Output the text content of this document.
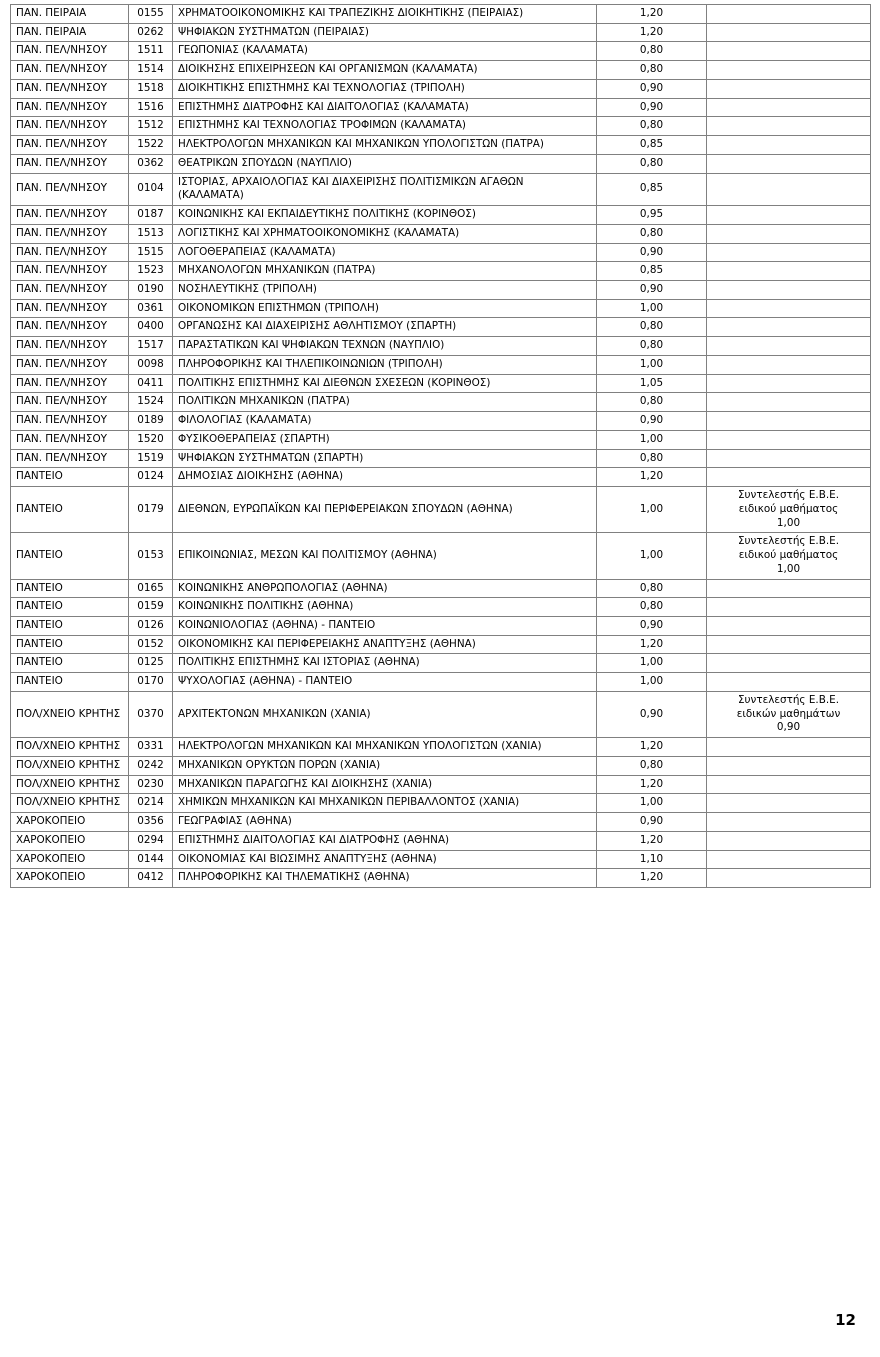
ΠΑΝ. ΠΕΙΡΑΙΑ	0155	ΧΡΗΜΑΤΟΟΙΚΟΝΟΜΙΚΗΣ ΚΑΙ ΤΡΑΠΕΖΙΚΗΣ ΔΙΟΙΚΗΤΙΚΗΣ (ΠΕΙΡΑΙΑΣ)	1,20	
ΠΑΝ. ΠΕΙΡΑΙΑ	0262	ΨΗΦΙΑΚΩΝ ΣΥΣΤΗΜΑΤΩΝ (ΠΕΙΡΑΙΑΣ)	1,20	
ΠΑΝ. ΠΕΛ/ΝΗΣΟΥ	1511	ΓΕΩΠΟΝΙΑΣ (ΚΑΛΑΜΑΤΑ)	0,80	
ΠΑΝ. ΠΕΛ/ΝΗΣΟΥ	1514	ΔΙΟΙΚΗΣΗΣ ΕΠΙΧΕΙΡΗΣΕΩΝ ΚΑΙ ΟΡΓΑΝΙΣΜΩΝ (ΚΑΛΑΜΑΤΑ)	0,80	
ΠΑΝ. ΠΕΛ/ΝΗΣΟΥ	1518	ΔΙΟΙΚΗΤΙΚΗΣ ΕΠΙΣΤΗΜΗΣ ΚΑΙ ΤΕΧΝΟΛΟΓΙΑΣ (ΤΡΙΠΟΛΗ)	0,90	
ΠΑΝ. ΠΕΛ/ΝΗΣΟΥ	1516	ΕΠΙΣΤΗΜΗΣ ΔΙΑΤΡΟΦΗΣ ΚΑΙ ΔΙΑΙΤΟΛΟΓΙΑΣ (ΚΑΛΑΜΑΤΑ)	0,90	
ΠΑΝ. ΠΕΛ/ΝΗΣΟΥ	1512	ΕΠΙΣΤΗΜΗΣ ΚΑΙ ΤΕΧΝΟΛΟΓΙΑΣ ΤΡΟΦΙΜΩΝ (ΚΑΛΑΜΑΤΑ)	0,80	
ΠΑΝ. ΠΕΛ/ΝΗΣΟΥ	1522	ΗΛΕΚΤΡΟΛΟΓΩΝ ΜΗΧΑΝΙΚΩΝ ΚΑΙ ΜΗΧΑΝΙΚΩΝ ΥΠΟΛΟΓΙΣΤΩΝ (ΠΑΤΡΑ)	0,85	
ΠΑΝ. ΠΕΛ/ΝΗΣΟΥ	0362	ΘΕΑΤΡΙΚΩΝ ΣΠΟΥΔΩΝ (ΝΑΥΠΛΙΟ)	0,80	
ΠΑΝ. ΠΕΛ/ΝΗΣΟΥ	0104	ΙΣΤΟΡΙΑΣ, ΑΡΧΑΙΟΛΟΓΙΑΣ ΚΑΙ ΔΙΑΧΕΙΡΙΣΗΣ ΠΟΛΙΤΙΣΜΙΚΩΝ ΑΓΑΘΩΝ (ΚΑΛΑΜΑΤΑ)	0,85	
ΠΑΝ. ΠΕΛ/ΝΗΣΟΥ	0187	ΚΟΙΝΩΝΙΚΗΣ ΚΑΙ ΕΚΠΑΙΔΕΥΤΙΚΗΣ ΠΟΛΙΤΙΚΗΣ (ΚΟΡΙΝΘΟΣ)	0,95	
ΠΑΝ. ΠΕΛ/ΝΗΣΟΥ	1513	ΛΟΓΙΣΤΙΚΗΣ ΚΑΙ ΧΡΗΜΑΤΟΟΙΚΟΝΟΜΙΚΗΣ (ΚΑΛΑΜΑΤΑ)	0,80	
ΠΑΝ. ΠΕΛ/ΝΗΣΟΥ	1515	ΛΟΓΟΘΕΡΑΠΕΙΑΣ (ΚΑΛΑΜΑΤΑ)	0,90	
ΠΑΝ. ΠΕΛ/ΝΗΣΟΥ	1523	ΜΗΧΑΝΟΛΟΓΩΝ ΜΗΧΑΝΙΚΩΝ (ΠΑΤΡΑ)	0,85	
ΠΑΝ. ΠΕΛ/ΝΗΣΟΥ	0190	ΝΟΣΗΛΕΥΤΙΚΗΣ (ΤΡΙΠΟΛΗ)	0,90	
ΠΑΝ. ΠΕΛ/ΝΗΣΟΥ	0361	ΟΙΚΟΝΟΜΙΚΩΝ ΕΠΙΣΤΗΜΩΝ (ΤΡΙΠΟΛΗ)	1,00	
ΠΑΝ. ΠΕΛ/ΝΗΣΟΥ	0400	ΟΡΓΑΝΩΣΗΣ ΚΑΙ ΔΙΑΧΕΙΡΙΣΗΣ ΑΘΛΗΤΙΣΜΟΥ (ΣΠΑΡΤΗ)	0,80	
ΠΑΝ. ΠΕΛ/ΝΗΣΟΥ	1517	ΠΑΡΑΣΤΑΤΙΚΩΝ ΚΑΙ ΨΗΦΙΑΚΩΝ ΤΕΧΝΩΝ (ΝΑΥΠΛΙΟ)	0,80	
ΠΑΝ. ΠΕΛ/ΝΗΣΟΥ	0098	ΠΛΗΡΟΦΟΡΙΚΗΣ ΚΑΙ ΤΗΛΕΠΙΚΟΙΝΩΝΙΩΝ (ΤΡΙΠΟΛΗ)	1,00	
ΠΑΝ. ΠΕΛ/ΝΗΣΟΥ	0411	ΠΟΛΙΤΙΚΗΣ ΕΠΙΣΤΗΜΗΣ ΚΑΙ ΔΙΕΘΝΩΝ ΣΧΕΣΕΩΝ (ΚΟΡΙΝΘΟΣ)	1,05	
ΠΑΝ. ΠΕΛ/ΝΗΣΟΥ	1524	ΠΟΛΙΤΙΚΩΝ ΜΗΧΑΝΙΚΩΝ (ΠΑΤΡΑ)	0,80	
ΠΑΝ. ΠΕΛ/ΝΗΣΟΥ	0189	ΦΙΛΟΛΟΓΙΑΣ (ΚΑΛΑΜΑΤΑ)	0,90	
ΠΑΝ. ΠΕΛ/ΝΗΣΟΥ	1520	ΦΥΣΙΚΟΘΕΡΑΠΕΙΑΣ (ΣΠΑΡΤΗ)	1,00	
ΠΑΝ. ΠΕΛ/ΝΗΣΟΥ	1519	ΨΗΦΙΑΚΩΝ ΣΥΣΤΗΜΑΤΩΝ (ΣΠΑΡΤΗ)	0,80	
ΠΑΝΤΕΙΟ	0124	ΔΗΜΟΣΙΑΣ ΔΙΟΙΚΗΣΗΣ (ΑΘΗΝΑ)	1,20	
ΠΑΝΤΕΙΟ	0179	ΔΙΕΘΝΩΝ, ΕΥΡΩΠΑΪΚΩΝ ΚΑΙ ΠΕΡΙΦΕΡΕΙΑΚΩΝ ΣΠΟΥΔΩΝ (ΑΘΗΝΑ)	1,00	Συντελεστής Ε.Β.Ε.
ειδικού μαθήματος
1,00

ΠΑΝΤΕΙΟ	0153	ΕΠΙΚΟΙΝΩΝΙΑΣ, ΜΕΣΩΝ ΚΑΙ ΠΟΛΙΤΙΣΜΟΥ (ΑΘΗΝΑ)	1,00	Συντελεστής Ε.Β.Ε.
ειδικού μαθήματος
1,00

ΠΑΝΤΕΙΟ	0165	ΚΟΙΝΩΝΙΚΗΣ ΑΝΘΡΩΠΟΛΟΓΙΑΣ (ΑΘΗΝΑ)	0,80	
ΠΑΝΤΕΙΟ	0159	ΚΟΙΝΩΝΙΚΗΣ ΠΟΛΙΤΙΚΗΣ (ΑΘΗΝΑ)	0,80	
ΠΑΝΤΕΙΟ	0126	ΚΟΙΝΩΝΙΟΛΟΓΙΑΣ (ΑΘΗΝΑ) - ΠΑΝΤΕΙΟ	0,90	
ΠΑΝΤΕΙΟ	0152	ΟΙΚΟΝΟΜΙΚΗΣ ΚΑΙ ΠΕΡΙΦΕΡΕΙΑΚΗΣ ΑΝΑΠΤΥΞΗΣ (ΑΘΗΝΑ)	1,20	
ΠΑΝΤΕΙΟ	0125	ΠΟΛΙΤΙΚΗΣ ΕΠΙΣΤΗΜΗΣ ΚΑΙ ΙΣΤΟΡΙΑΣ (ΑΘΗΝΑ)	1,00	
ΠΑΝΤΕΙΟ	0170	ΨΥΧΟΛΟΓΙΑΣ (ΑΘΗΝΑ) - ΠΑΝΤΕΙΟ	1,00	
ΠΟΛ/ΧΝΕΙΟ ΚΡΗΤΗΣ	0370	ΑΡΧΙΤΕΚΤΟΝΩΝ ΜΗΧΑΝΙΚΩΝ (ΧΑΝΙΑ)	0,90	Συντελεστής Ε.Β.Ε.
ειδικών μαθημάτων
0,90

ΠΟΛ/ΧΝΕΙΟ ΚΡΗΤΗΣ	0331	ΗΛΕΚΤΡΟΛΟΓΩΝ ΜΗΧΑΝΙΚΩΝ ΚΑΙ ΜΗΧΑΝΙΚΩΝ ΥΠΟΛΟΓΙΣΤΩΝ (ΧΑΝΙΑ)	1,20	
ΠΟΛ/ΧΝΕΙΟ ΚΡΗΤΗΣ	0242	ΜΗΧΑΝΙΚΩΝ ΟΡΥΚΤΩΝ ΠΟΡΩΝ (ΧΑΝΙΑ)	0,80	
ΠΟΛ/ΧΝΕΙΟ ΚΡΗΤΗΣ	0230	ΜΗΧΑΝΙΚΩΝ ΠΑΡΑΓΩΓΗΣ ΚΑΙ ΔΙΟΙΚΗΣΗΣ (ΧΑΝΙΑ)	1,20	
ΠΟΛ/ΧΝΕΙΟ ΚΡΗΤΗΣ	0214	ΧΗΜΙΚΩΝ ΜΗΧΑΝΙΚΩΝ ΚΑΙ ΜΗΧΑΝΙΚΩΝ ΠΕΡΙΒΑΛΛΟΝΤΟΣ (ΧΑΝΙΑ)	1,00	
ΧΑΡΟΚΟΠΕΙΟ	0356	ΓΕΩΓΡΑΦΙΑΣ (ΑΘΗΝΑ)	0,90	
ΧΑΡΟΚΟΠΕΙΟ	0294	ΕΠΙΣΤΗΜΗΣ ΔΙΑΙΤΟΛΟΓΙΑΣ ΚΑΙ ΔΙΑΤΡΟΦΗΣ (ΑΘΗΝΑ)	1,20	
ΧΑΡΟΚΟΠΕΙΟ	0144	ΟΙΚΟΝΟΜΙΑΣ ΚΑΙ ΒΙΩΣΙΜΗΣ ΑΝΑΠΤΥΞΗΣ (ΑΘΗΝΑ)	1,10	
ΧΑΡΟΚΟΠΕΙΟ	0412	ΠΛΗΡΟΦΟΡΙΚΗΣ ΚΑΙ ΤΗΛΕΜΑΤΙΚΗΣ (ΑΘΗΝΑ)	1,20	
12
